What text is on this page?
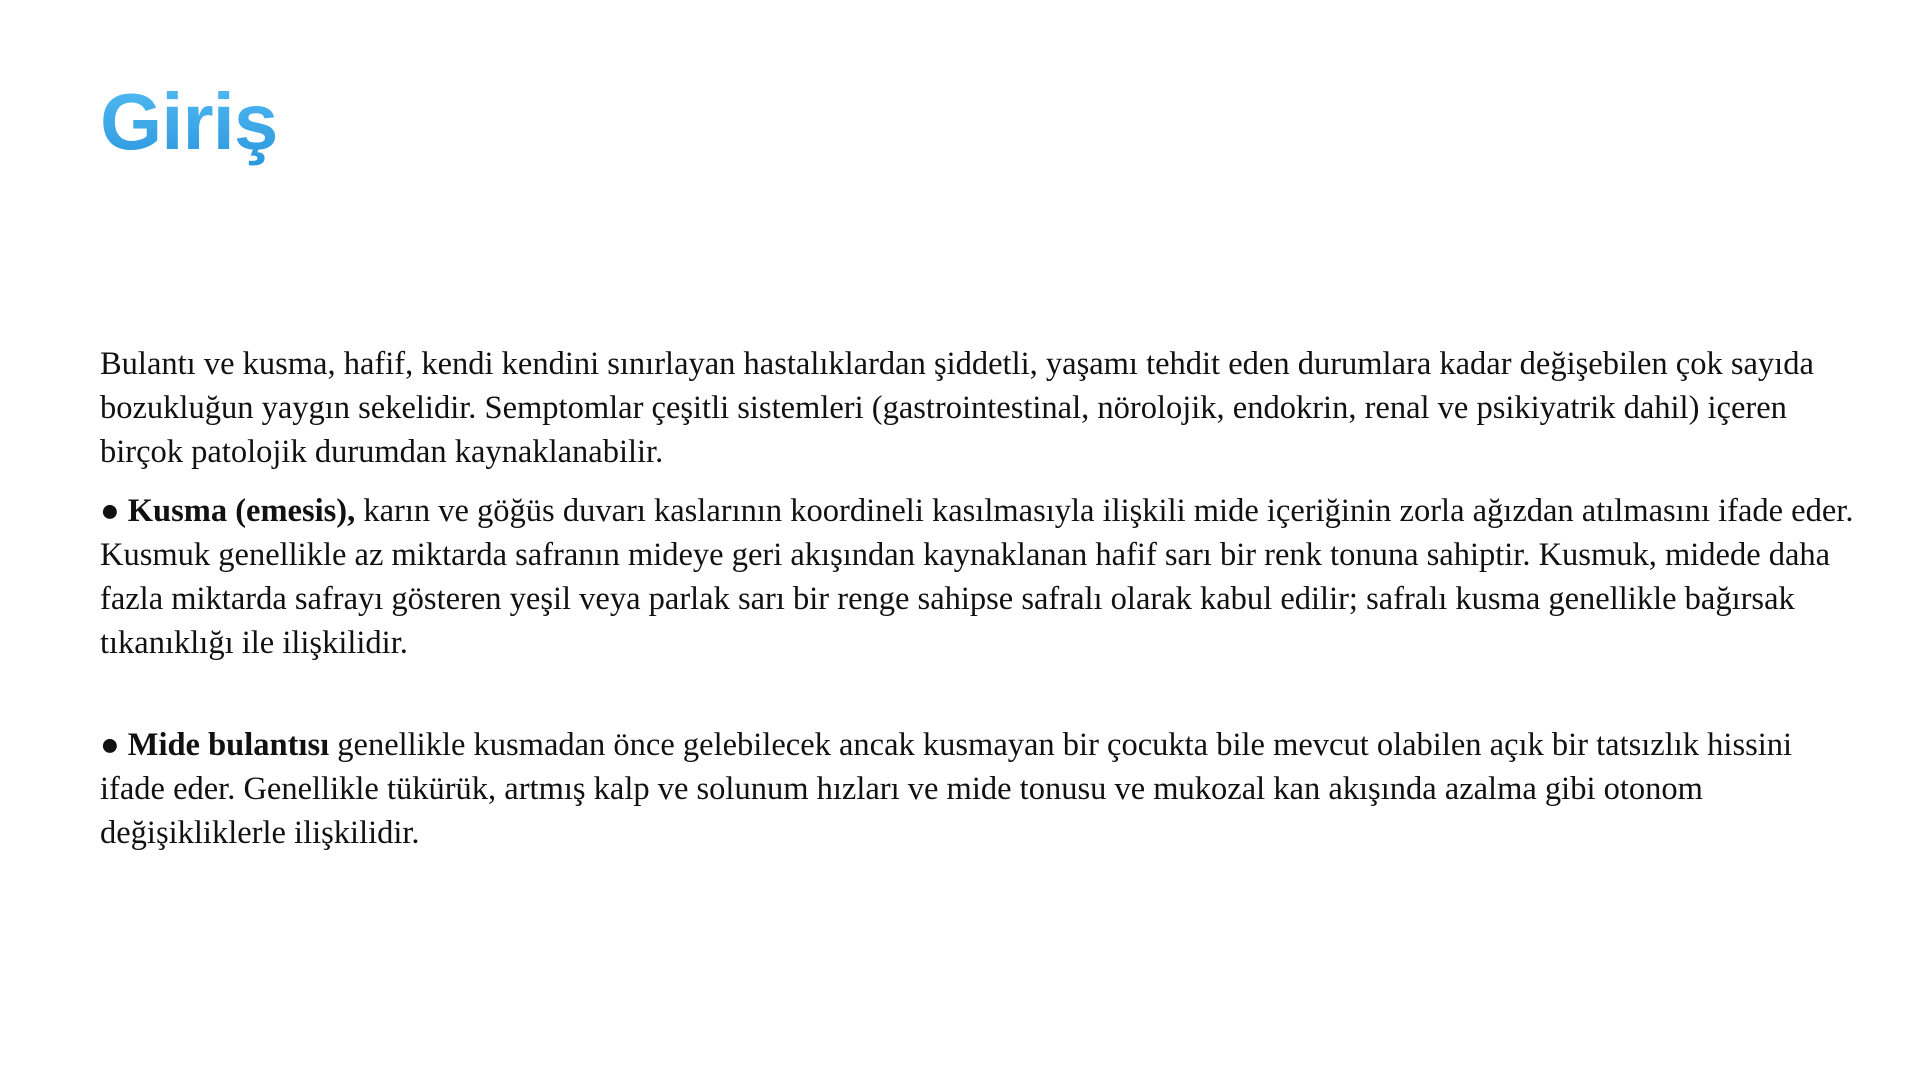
Giriş

Bulantı ve kusma, hafif, kendi kendini sınırlayan hastalıklardan şiddetli, yaşamı tehdit eden durumlara kadar değişebilen çok sayıda bozukluğun yaygın sekelidir. Semptomlar çeşitli sistemleri (gastrointestinal, nörolojik, endokrin, renal ve psikiyatrik dahil) içeren birçok patolojik durumdan kaynaklanabilir.

● Kusma (emesis), karın ve göğüs duvarı kaslarının koordineli kasılmasıyla ilişkili mide içeriğinin zorla ağızdan atılmasını ifade eder. Kusmuk genellikle az miktarda safranın mideye geri akışından kaynaklanan hafif sarı bir renk tonuna sahiptir. Kusmuk, midede daha fazla miktarda safrayı gösteren yeşil veya parlak sarı bir renge sahipse safralı olarak kabul edilir; safralı kusma genellikle bağırsak tıkanıklığı ile ilişkilidir.

● Mide bulantısı genellikle kusmadan önce gelebilecek ancak kusmayan bir çocukta bile mevcut olabilen açık bir tatsızlık hissini ifade eder. Genellikle tükürük, artmış kalp ve solunum hızları ve mide tonusu ve mukozal kan akışında azalma gibi otonom değişikliklerle ilişkilidir.
